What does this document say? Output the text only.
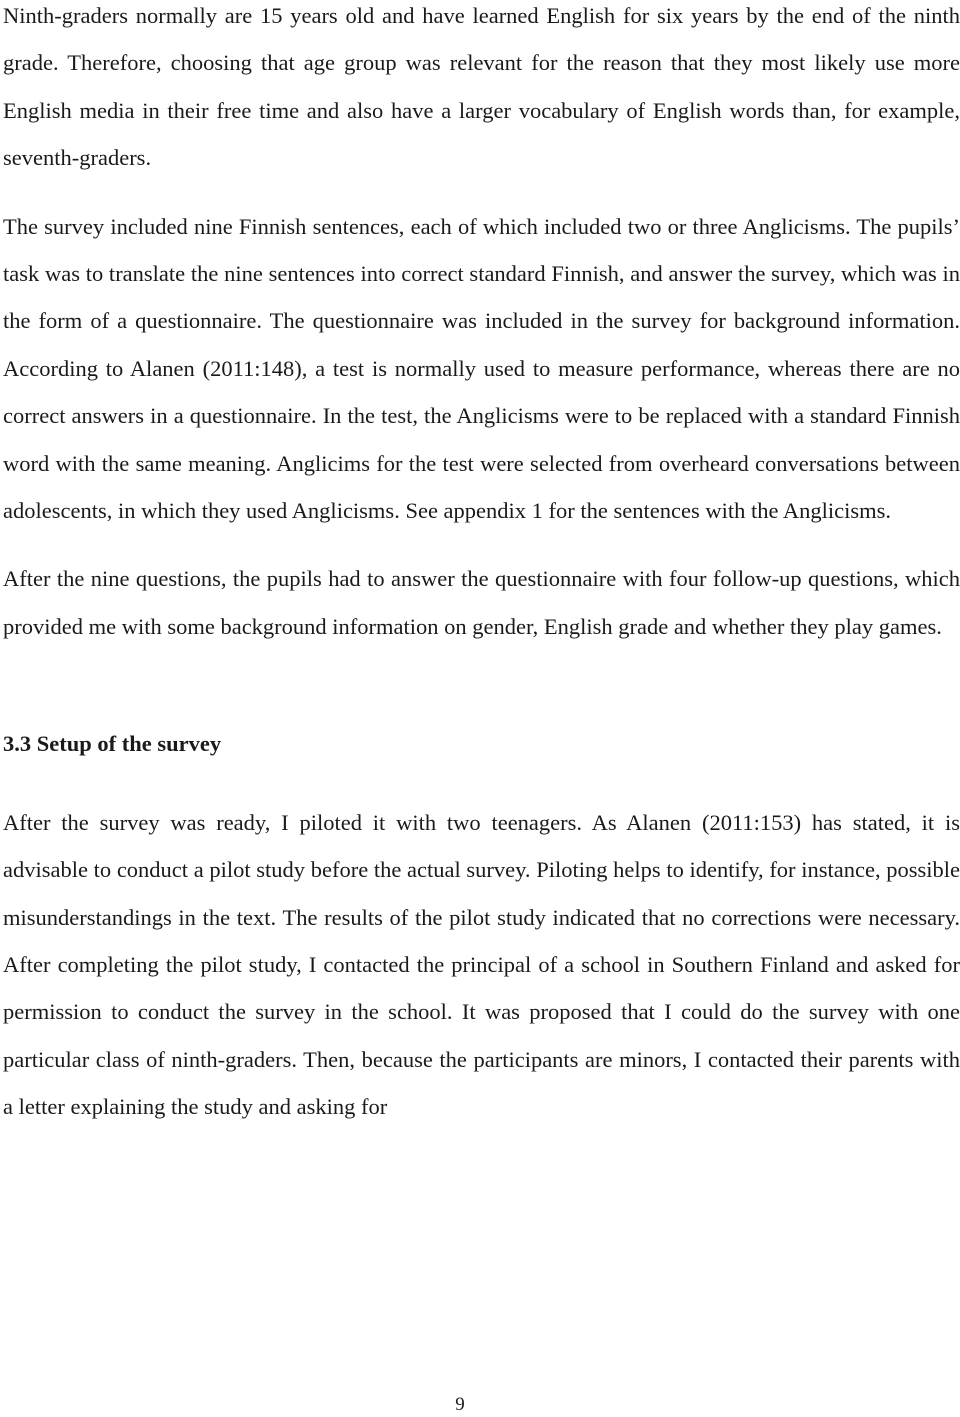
Ninth-graders normally are 15 years old and have learned English for six years by the end of the ninth grade. Therefore, choosing that age group was relevant for the reason that they most likely use more English media in their free time and also have a larger vocabulary of English words than, for example, seventh-graders.

The survey included nine Finnish sentences, each of which included two or three Anglicisms. The pupils’ task was to translate the nine sentences into correct standard Finnish, and answer the survey, which was in the form of a questionnaire. The questionnaire was included in the survey for background information. According to Alanen (2011:148), a test is normally used to measure performance, whereas there are no correct answers in a questionnaire. In the test, the Anglicisms were to be replaced with a standard Finnish word with the same meaning. Anglicims for the test were selected from overheard conversations between adolescents, in which they used Anglicisms. See appendix 1 for the sentences with the Anglicisms.

After the nine questions, the pupils had to answer the questionnaire with four follow-up questions, which provided me with some background information on gender, English grade and whether they play games.

3.3 Setup of the survey

After the survey was ready, I piloted it with two teenagers. As Alanen (2011:153) has stated, it is advisable to conduct a pilot study before the actual survey. Piloting helps to identify, for instance, possible misunderstandings in the text. The results of the pilot study indicated that no corrections were necessary. After completing the pilot study, I contacted the principal of a school in Southern Finland and asked for permission to conduct the survey in the school. It was proposed that I could do the survey with one particular class of ninth-graders. Then, because the participants are minors, I contacted their parents with a letter explaining the study and asking for

9
